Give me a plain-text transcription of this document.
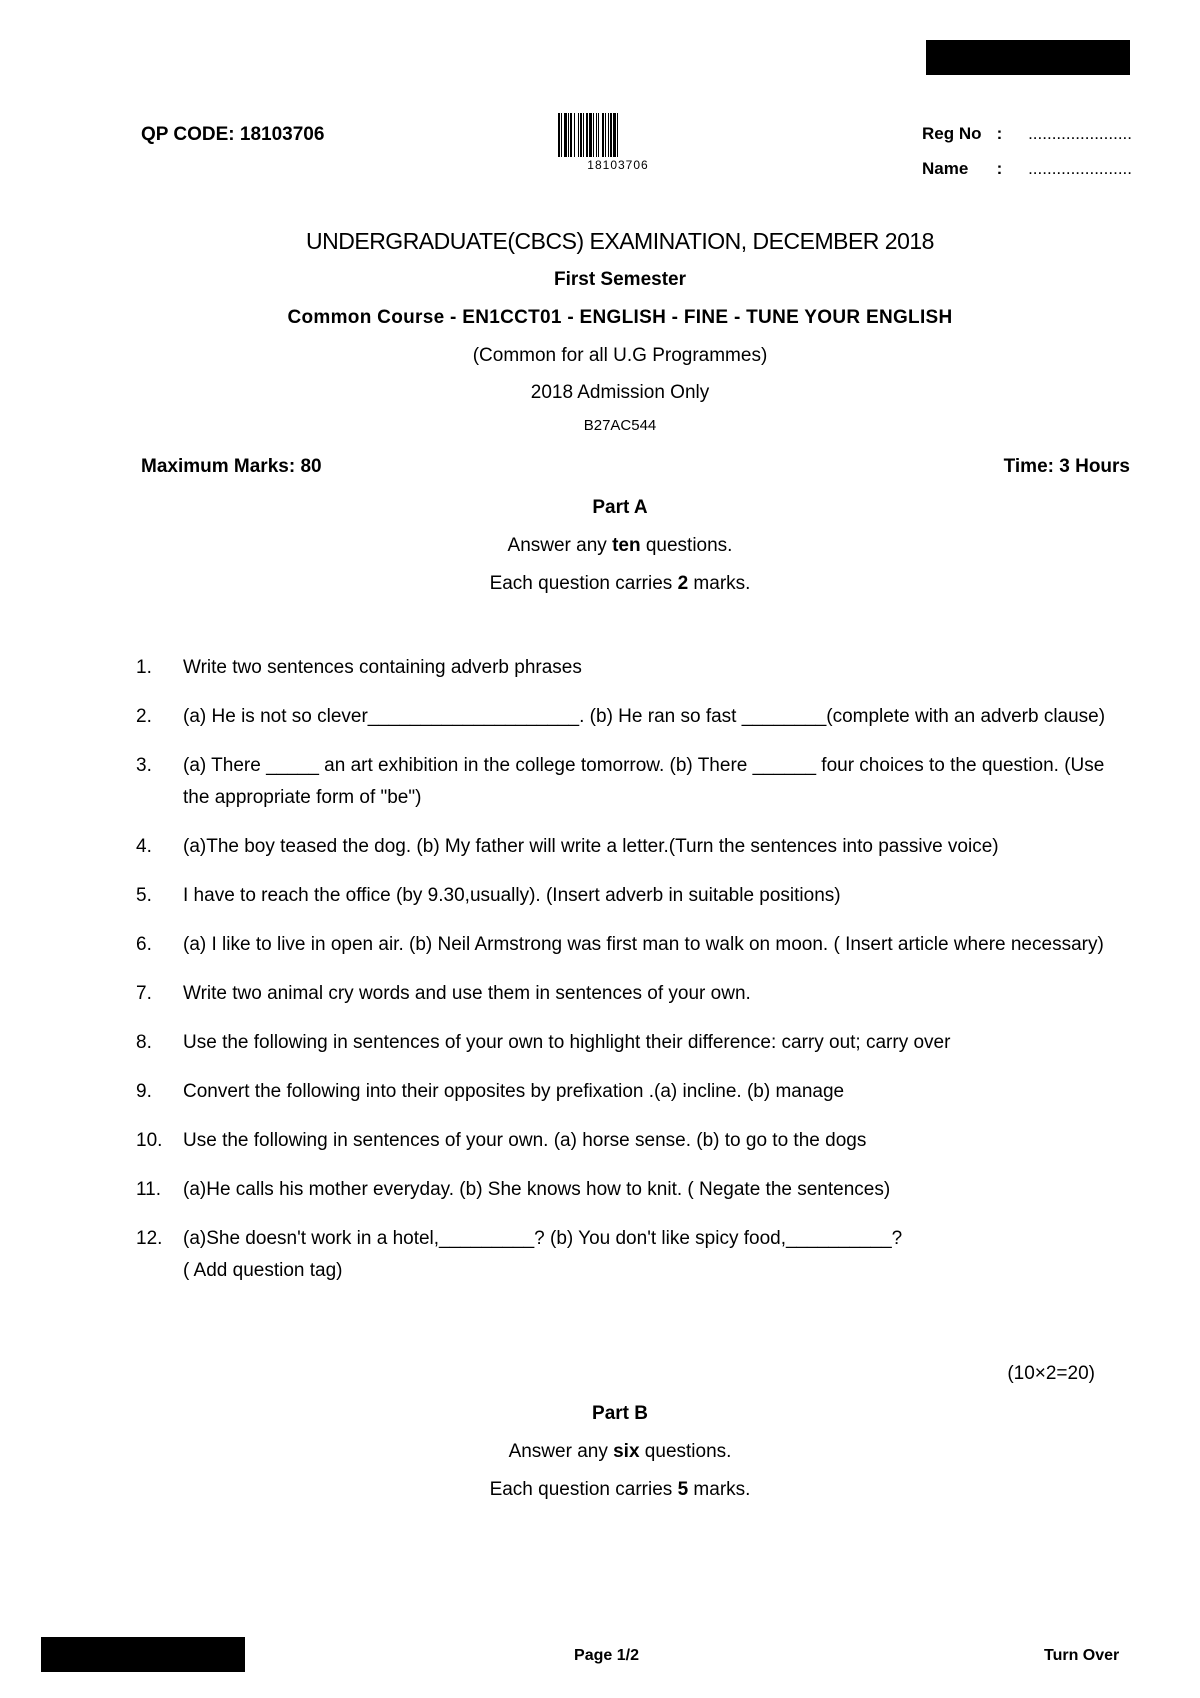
QP CODE: 18103706
18103706
Reg No :	......................
Name	:	......................
UNDERGRADUATE(CBCS) EXAMINATION, DECEMBER 2018
First Semester
Common Course - EN1CCT01 - ENGLISH - FINE - TUNE YOUR ENGLISH
(Common for all U.G Programmes)
2018 Admission Only
B27AC544
Maximum Marks: 80	Time: 3 Hours
Part A
Answer any ten questions.
Each question carries 2 marks.
1.	Write two sentences containing adverb phrases
2.	(a) He is not so clever____________________. (b) He ran so fast ________(complete with an adverb clause)
3.	(a) There _____ an art exhibition in the college tomorrow. (b) There ______ four choices to the question. (Use the appropriate form of "be")
4.	(a)The boy teased the dog. (b) My father will write a letter.(Turn the sentences into passive voice)
5.	I have to reach the office (by 9.30,usually). (Insert adverb in suitable positions)
6.	(a) I like to live in open air. (b) Neil Armstrong was first man to walk on moon. ( Insert article where necessary)
7.	Write two animal cry words and use them in sentences of your own.
8.	Use the following in sentences of your own to highlight their difference: carry out; carry over
9.	Convert the following into their opposites by prefixation .(a) incline. (b) manage
10.	Use the following in sentences of your own. (a) horse sense. (b) to go to the dogs
11.	(a)He calls his mother everyday. (b) She knows how to knit. ( Negate the sentences)
12.	(a)She doesn't work in a hotel,_________? (b) You don't like spicy food,__________?
( Add question tag)
(10×2=20)
Part B
Answer any six questions.
Each question carries 5 marks.
Page 1/2	Turn Over
